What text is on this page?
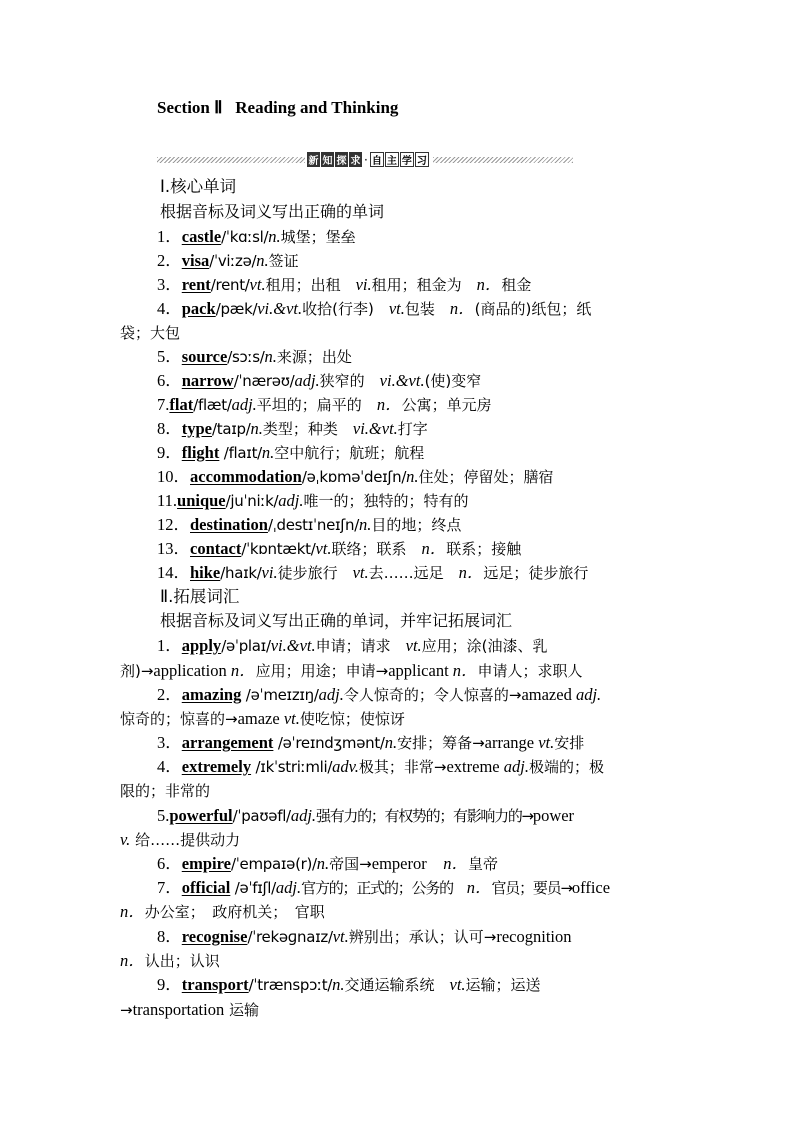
Section Ⅱ   Reading and Thinking
新 知 探 求 · 自 主 学 习
Ⅰ.核心单词
根据音标及词义写出正确的单词
1．castle/ˈkɑːsl/n.城堡；堡垒
2．visa/ˈviːzə/n.签证
3．rent/rent/vt.租用；出租　vi.租用；租金为　n．租金
4．pack/pæk/vi.&vt.收拾(行李)　vt.包装　n．(商品的)纸包；纸
袋；大包
5．source/sɔːs/n.来源；出处
6．narrow/ˈnærəʊ/adj.狭窄的　vi.&vt.(使)变窄
7.flat/flæt/adj.平坦的；扁平的　n．公寓；单元房
8．type/taɪp/n.类型；种类　vi.&vt.打字
9．flight /flaɪt/n.空中航行；航班；航程
10．accommodation/əˌkɒməˈdeɪʃn/n.住处；停留处；膳宿
11.unique/juˈniːk/adj.唯一的；独特的；特有的
12．destination/ˌdestɪˈneɪʃn/n.目的地；终点
13．contact/ˈkɒntækt/vt.联络；联系　n．联系；接触
14．hike/haɪk/vi.徒步旅行　vt.去……远足　n．远足；徒步旅行
Ⅱ.拓展词汇
根据音标及词义写出正确的单词，并牢记拓展词汇
1．apply/əˈplaɪ/vi.&vt.申请；请求　vt.应用；涂(油漆、乳
剂)→application n．应用；用途；申请→applicant n．申请人；求职人
2．amazing /əˈmeɪzɪŋ/adj.令人惊奇的；令人惊喜的→amazed adj.
惊奇的；惊喜的→amaze vt.使吃惊；使惊讶
3．arrangement /əˈreɪndʒmənt/n.安排；筹备→arrange vt.安排
4．extremely /ɪkˈstriːmli/adv.极其；非常→extreme adj.极端的；极
限的；非常的
5.powerful/ˈpaʊəfl/adj.强有力的；有权势的；有影响力的→power
v. 给……提供动力
6．empire/ˈempaɪə(r)/n.帝国→emperor　n．皇帝
7．official /əˈfɪʃl/adj.官方的；正式的；公务的　n．官员；要员→office
n．办公室；　政府机关；　官职
8．recognise/ˈrekəɡnaɪz/vt.辨别出；承认；认可→recognition
n．认出；认识
9．transport/ˈtrænspɔːt/n.交通运输系统　vt.运输；运送
→transportation 运输
